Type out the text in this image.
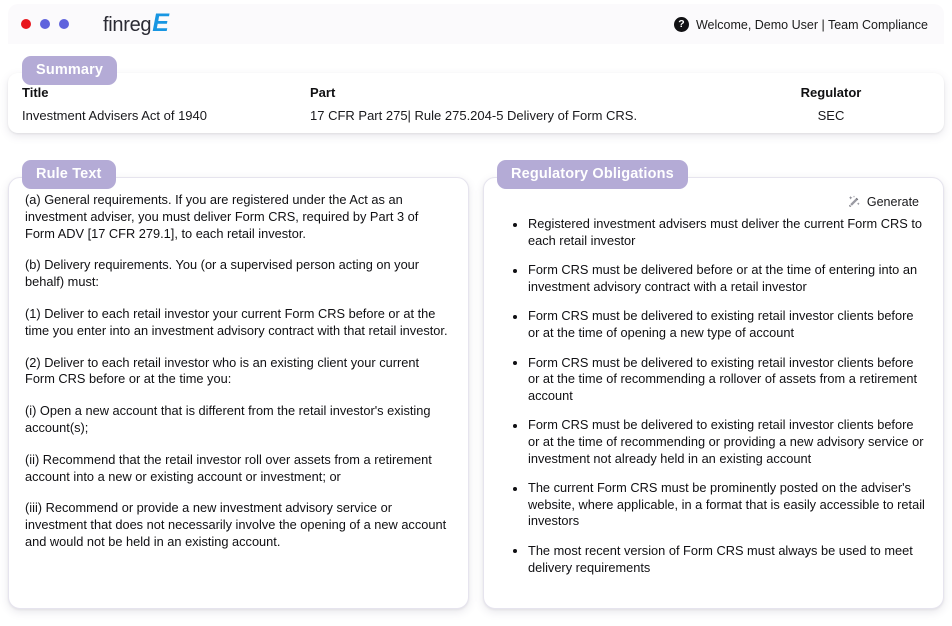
finreg E	? Welcome, Demo User | Team Compliance
Summary
Title
Investment Advisers Act of 1940
Part
17 CFR Part 275| Rule 275.204-5 Delivery of Form CRS.
Regulator
SEC
Rule Text

(a) General requirements. If you are registered under the Act as an investment adviser, you must deliver Form CRS, required by Part 3 of Form ADV [17 CFR 279.1], to each retail investor.

(b) Delivery requirements. You (or a supervised person acting on your behalf) must:

(1) Deliver to each retail investor your current Form CRS before or at the time you enter into an investment advisory contract with that retail investor.

(2) Deliver to each retail investor who is an existing client your current Form CRS before or at the time you:

(i) Open a new account that is different from the retail investor's existing account(s);

(ii) Recommend that the retail investor roll over assets from a retirement account into a new or existing account or investment; or

(iii) Recommend or provide a new investment advisory service or investment that does not necessarily involve the opening of a new account and would not be held in an existing account.

Regulatory Obligations
Generate
Registered investment advisers must deliver the current Form CRS to each retail investor
Form CRS must be delivered before or at the time of entering into an investment advisory contract with a retail investor
Form CRS must be delivered to existing retail investor clients before or at the time of opening a new type of account
Form CRS must be delivered to existing retail investor clients before or at the time of recommending a rollover of assets from a retirement account
Form CRS must be delivered to existing retail investor clients before or at the time of recommending or providing a new advisory service or investment not already held in an existing account
The current Form CRS must be prominently posted on the adviser's website, where applicable, in a format that is easily accessible to retail investors
The most recent version of Form CRS must always be used to meet delivery requirements
